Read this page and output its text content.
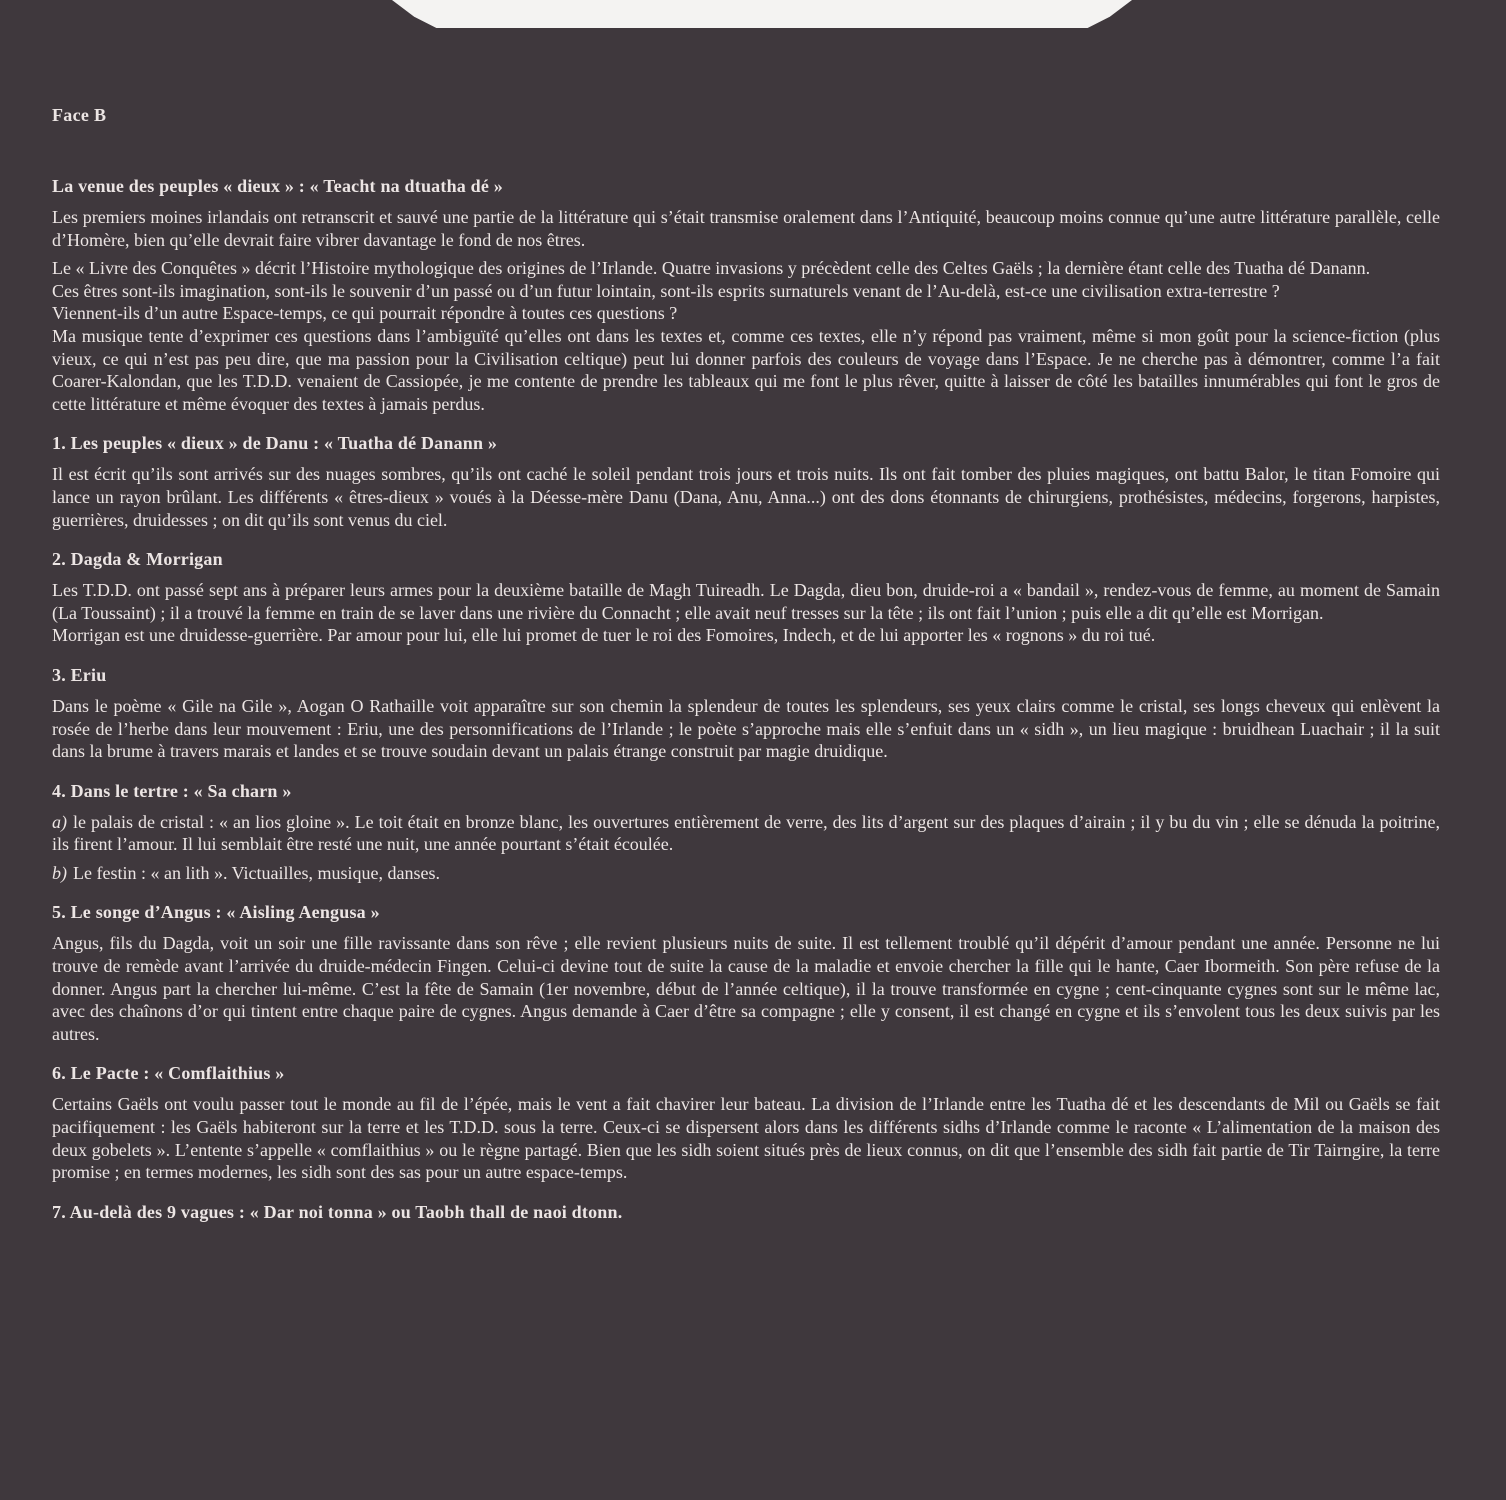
Face B
La venue des peuples « dieux » : « Teacht na dtuatha dé »

Les premiers moines irlandais ont retranscrit et sauvé une partie de la littérature qui s’était transmise oralement dans l’Antiquité, beaucoup moins connue qu’une autre littérature parallèle, celle d’Homère, bien qu’elle devrait faire vibrer davantage le fond de nos êtres.

Le « Livre des Conquêtes » décrit l’Histoire mythologique des origines de l’Irlande. Quatre invasions y précèdent celle des Celtes Gaëls ; la dernière étant celle des Tuatha dé Danann.

Ces êtres sont-ils imagination, sont-ils le souvenir d’un passé ou d’un futur lointain, sont-ils esprits surnaturels venant de l’Au-delà, est-ce une civilisation extra-terrestre ?

Viennent-ils d’un autre Espace-temps, ce qui pourrait répondre à toutes ces questions ?

Ma musique tente d’exprimer ces questions dans l’ambiguïté qu’elles ont dans les textes et, comme ces textes, elle n’y répond pas vraiment, même si mon goût pour la science-fiction (plus vieux, ce qui n’est pas peu dire, que ma passion pour la Civilisation celtique) peut lui donner parfois des couleurs de voyage dans l’Espace. Je ne cherche pas à démontrer, comme l’a fait Coarer-Kalondan, que les T.D.D. venaient de Cassiopée, je me contente de prendre les tableaux qui me font le plus rêver, quitte à laisser de côté les batailles innumérables qui font le gros de cette littérature et même évoquer des textes à jamais perdus.

1. Les peuples « dieux » de Danu : « Tuatha dé Danann »

Il est écrit qu’ils sont arrivés sur des nuages sombres, qu’ils ont caché le soleil pendant trois jours et trois nuits. Ils ont fait tomber des pluies magiques, ont battu Balor, le titan Fomoire qui lance un rayon brûlant. Les différents « êtres-dieux » voués à la Déesse-mère Danu (Dana, Anu, Anna...) ont des dons étonnants de chirurgiens, prothésistes, médecins, forgerons, harpistes, guerrières, druidesses ; on dit qu’ils sont venus du ciel.

2. Dagda & Morrigan

Les T.D.D. ont passé sept ans à préparer leurs armes pour la deuxième bataille de Magh Tuireadh. Le Dagda, dieu bon, druide-roi a « bandail », rendez-vous de femme, au moment de Samain (La Toussaint) ; il a trouvé la femme en train de se laver dans une rivière du Connacht ; elle avait neuf tresses sur la tête ; ils ont fait l’union ; puis elle a dit qu’elle est Morrigan.

Morrigan est une druidesse-guerrière. Par amour pour lui, elle lui promet de tuer le roi des Fomoires, Indech, et de lui apporter les « rognons » du roi tué.

3. Eriu

Dans le poème « Gile na Gile », Aogan O Rathaille voit apparaître sur son chemin la splendeur de toutes les splendeurs, ses yeux clairs comme le cristal, ses longs cheveux qui enlèvent la rosée de l’herbe dans leur mouvement : Eriu, une des personnifications de l’Irlande ; le poète s’approche mais elle s’enfuit dans un « sidh », un lieu magique : bruidhean Luachair ; il la suit dans la brume à travers marais et landes et se trouve soudain devant un palais étrange construit par magie druidique.

4. Dans le tertre : « Sa charn »

a) le palais de cristal : « an lios gloine ». Le toit était en bronze blanc, les ouvertures entièrement de verre, des lits d’argent sur des plaques d’airain ; il y bu du vin ; elle se dénuda la poitrine, ils firent l’amour. Il lui semblait être resté une nuit, une année pourtant s’était écoulée.

b) Le festin : « an lith ». Victuailles, musique, danses.

5. Le songe d’Angus : « Aisling Aengusa »

Angus, fils du Dagda, voit un soir une fille ravissante dans son rêve ; elle revient plusieurs nuits de suite. Il est tellement troublé qu’il dépérit d’amour pendant une année. Personne ne lui trouve de remède avant l’arrivée du druide-médecin Fingen. Celui-ci devine tout de suite la cause de la maladie et envoie chercher la fille qui le hante, Caer Ibormeith. Son père refuse de la donner. Angus part la chercher lui-même. C’est la fête de Samain (1er novembre, début de l’année celtique), il la trouve transformée en cygne ; cent-cinquante cygnes sont sur le même lac, avec des chaînons d’or qui tintent entre chaque paire de cygnes. Angus demande à Caer d’être sa compagne ; elle y consent, il est changé en cygne et ils s’envolent tous les deux suivis par les autres.

6. Le Pacte : « Comflaithius »

Certains Gaëls ont voulu passer tout le monde au fil de l’épée, mais le vent a fait chavirer leur bateau. La division de l’Irlande entre les Tuatha dé et les descendants de Mil ou Gaëls se fait pacifiquement : les Gaëls habiteront sur la terre et les T.D.D. sous la terre. Ceux-ci se dispersent alors dans les différents sidhs d’Irlande comme le raconte « L’alimentation de la maison des deux gobelets ». L’entente s’appelle « comflaithius » ou le règne partagé. Bien que les sidh soient situés près de lieux connus, on dit que l’ensemble des sidh fait partie de Tir Tairngire, la terre promise ; en termes modernes, les sidh sont des sas pour un autre espace-temps.

7. Au-delà des 9 vagues : « Dar noi tonna » ou Taobh thall de naoi dtonn.
